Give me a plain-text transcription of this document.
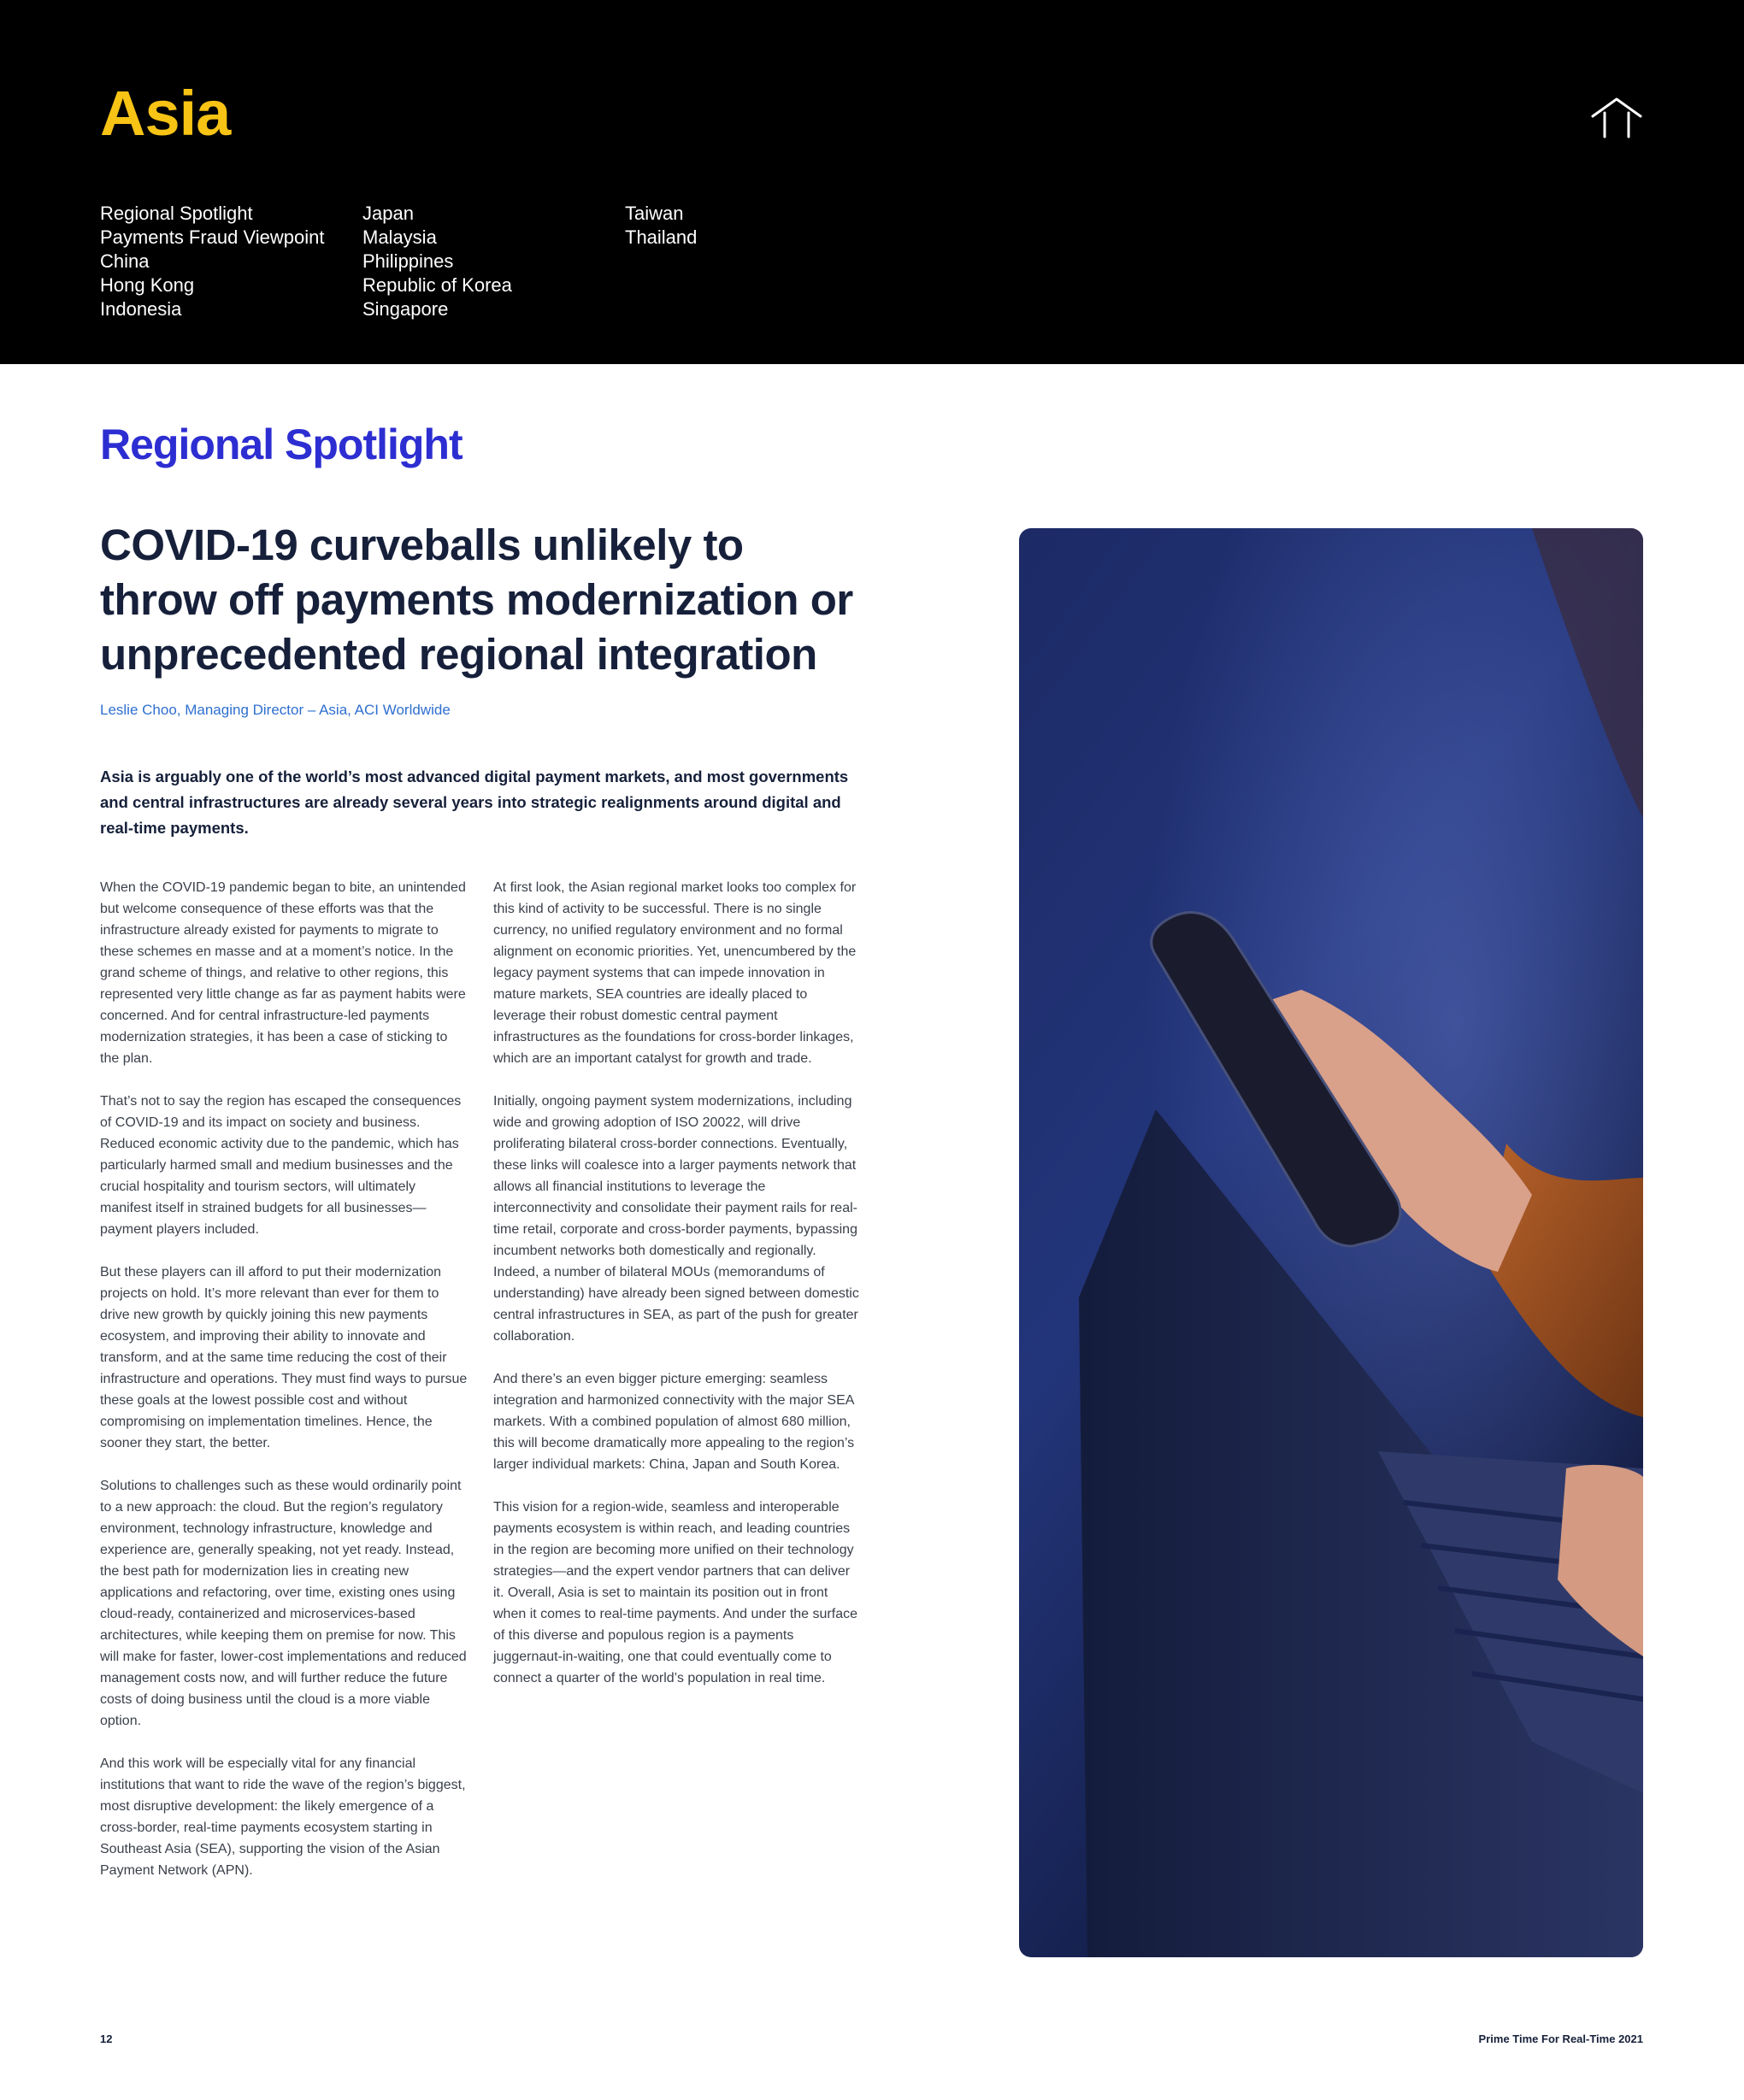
Asia
Regional Spotlight
Payments Fraud Viewpoint
China
Hong Kong
Indonesia
Japan
Malaysia
Philippines
Republic of Korea
Singapore
Taiwan
Thailand
Regional Spotlight
COVID-19 curveballs unlikely to throw off payments modernization or unprecedented regional integration
Leslie Choo, Managing Director – Asia, ACI Worldwide

Asia is arguably one of the world’s most advanced digital payment markets, and most governments and central infrastructures are already several years into strategic realignments around digital and real-time payments.

When the COVID-19 pandemic began to bite, an unintended but welcome consequence of these efforts was that the infrastructure already existed for payments to migrate to these schemes en masse and at a moment’s notice. In the grand scheme of things, and relative to other regions, this represented very little change as far as payment habits were concerned. And for central infrastructure-led payments modernization strategies, it has been a case of sticking to the plan.

That’s not to say the region has escaped the consequences of COVID-19 and its impact on society and business. Reduced economic activity due to the pandemic, which has particularly harmed small and medium businesses and the crucial hospitality and tourism sectors, will ultimately manifest itself in strained budgets for all businesses—payment players included.

But these players can ill afford to put their modernization projects on hold. It’s more relevant than ever for them to drive new growth by quickly joining this new payments ecosystem, and improving their ability to innovate and transform, and at the same time reducing the cost of their infrastructure and operations. They must find ways to pursue these goals at the lowest possible cost and without compromising on implementation timelines. Hence, the sooner they start, the better.

Solutions to challenges such as these would ordinarily point to a new approach: the cloud. But the region’s regulatory environment, technology infrastructure, knowledge and experience are, generally speaking, not yet ready. Instead, the best path for modernization lies in creating new applications and refactoring, over time, existing ones using cloud-ready, containerized and microservices-based architectures, while keeping them on premise for now. This will make for faster, lower-cost implementations and reduced management costs now, and will further reduce the future costs of doing business until the cloud is a more viable option.

And this work will be especially vital for any financial institutions that want to ride the wave of the region’s biggest, most disruptive development: the likely emergence of a cross-border, real-time payments ecosystem starting in Southeast Asia (SEA), supporting the vision of the Asian Payment Network (APN).

At first look, the Asian regional market looks too complex for this kind of activity to be successful. There is no single currency, no unified regulatory environment and no formal alignment on economic priorities. Yet, unencumbered by the legacy payment systems that can impede innovation in mature markets, SEA countries are ideally placed to leverage their robust domestic central payment infrastructures as the foundations for cross-border linkages, which are an important catalyst for growth and trade.

Initially, ongoing payment system modernizations, including wide and growing adoption of ISO 20022, will drive proliferating bilateral cross-border connections. Eventually, these links will coalesce into a larger payments network that allows all financial institutions to leverage the interconnectivity and consolidate their payment rails for real-time retail, corporate and cross-border payments, bypassing incumbent networks both domestically and regionally. Indeed, a number of bilateral MOUs (memorandums of understanding) have already been signed between domestic central infrastructures in SEA, as part of the push for greater collaboration.

And there’s an even bigger picture emerging: seamless integration and harmonized connectivity with the major SEA markets. With a combined population of almost 680 million, this will become dramatically more appealing to the region’s larger individual markets: China, Japan and South Korea.

This vision for a region-wide, seamless and interoperable payments ecosystem is within reach, and leading countries in the region are becoming more unified on their technology strategies—and the expert vendor partners that can deliver it. Overall, Asia is set to maintain its position out in front when it comes to real-time payments. And under the surface of this diverse and populous region is a payments juggernaut-in-waiting, one that could eventually come to connect a quarter of the world’s population in real time.

12	Prime Time For Real-Time 2021
